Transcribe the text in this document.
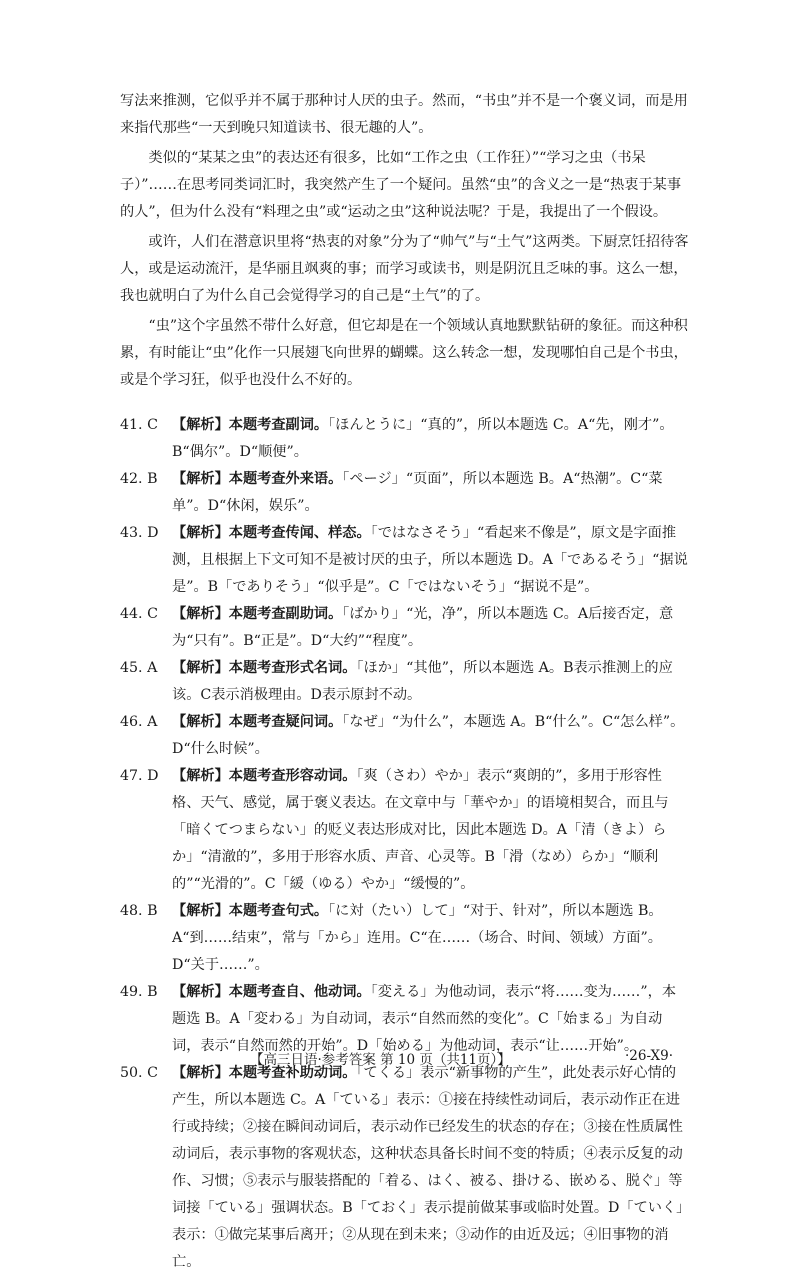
写法来推测，它似乎并不属于那种讨人厌的虫子。然而，“书虫”并不是一个褒义词，而是用来指代那些“一天到晚只知道读书、很无趣的人”。

类似的“某某之虫”的表达还有很多，比如“工作之虫（工作狂）”“学习之虫（书呆子）”……在思考同类词汇时，我突然产生了一个疑问。虽然“虫”的含义之一是“热衷于某事的人”，但为什么没有“料理之虫”或“运动之虫”这种说法呢？于是，我提出了一个假设。

或许，人们在潜意识里将“热衷的对象”分为了“帅气”与“土气”这两类。下厨烹饪招待客人，或是运动流汗，是华丽且飒爽的事；而学习或读书，则是阴沉且乏味的事。这么一想，我也就明白了为什么自己会觉得学习的自己是“土气”的了。

“虫”这个字虽然不带什么好意，但它却是在一个领域认真地默默钻研的象征。而这种积累，有时能让“虫”化作一只展翅飞向世界的蝴蝶。这么转念一想，发现哪怕自己是个书虫，或是个学习狂，似乎也没什么不好的。

41. C 【解析】本题考查副词。「ほんとうに」“真的”，所以本题选 C。A“先，刚才”。B“偶尔”。D“顺便”。
42. B	【解析】本题考查外来语。「ページ」“页面”，所以本题选 B。A“热潮”。C“菜单”。D“休闲，娱乐”。
43. D 【解析】本题考查传闻、样态。「ではなさそう」“看起来不像是”，原文是字面推测，且根据上下文可知不是被讨厌的虫子，所以本题选 D。A「であるそう」“据说是”。B「でありそう」“似乎是”。C「ではないそう」“据说不是”。
44. C 【解析】本题考查副助词。「ばかり」“光，净”，所以本题选 C。A后接否定，意为“只有”。B“正是”。D“大约”“程度”。
45. A	【解析】本题考查形式名词。「ほか」“其他”，所以本题选 A。B表示推测上的应该。C表示消极理由。D表示原封不动。
46. A	【解析】本题考查疑问词。「なぜ」“为什么”，本题选 A。B“什么”。C“怎么样”。D“什么时候”。
47. D 【解析】本题考查形容动词。「爽（さわ）やか」表示“爽朗的”，多用于形容性格、天气、感觉，属于褒义表达。在文章中与「華やか」的语境相契合，而且与「暗くてつまらない」的贬义表达形成对比，因此本题选 D。A「清（きよ）らか」“清澈的”，多用于形容水质、声音、心灵等。B「滑（なめ）らか」“顺利的”“光滑的”。C「緩（ゆる）やか」“缓慢的”。
48. B	【解析】本题考查句式。「に対（たい）して」“对于、针对”，所以本题选 B。A“到……结束”，常与「から」连用。C“在……（场合、时间、领域）方面”。D“关于……”。
49. B	【解析】本题考查自、他动词。「変える」为他动词，表示“将……变为……”，本题选 B。A「変わる」为自动词，表示“自然而然的变化”。C「始まる」为自动词，表示“自然而然的开始”。D「始める」为他动词，表示“让……开始”。
50. C 【解析】本题考查补助动词。「てくる」表示“新事物的产生”，此处表示好心情的产生，所以本题选 C。A「ている」表示：①接在持续性动词后，表示动作正在进行或持续；②接在瞬间动词后，表示动作已经发生的状态的存在；③接在性质属性动词后，表示事物的客观状态，这种状态具备长时间不变的特质；④表示反复的动作、习惯；⑤表示与服装搭配的「着る、はく、被る、掛ける、嵌める、脱ぐ」等词接「ている」强调状态。B「ておく」表示提前做某事或临时处置。D「ていく」表示：①做完某事后离开；②从现在到未来；③动作的由近及远；④旧事物的消亡。
【高三日语·参考答案 第 10 页（共11页）】	·26-X9·
